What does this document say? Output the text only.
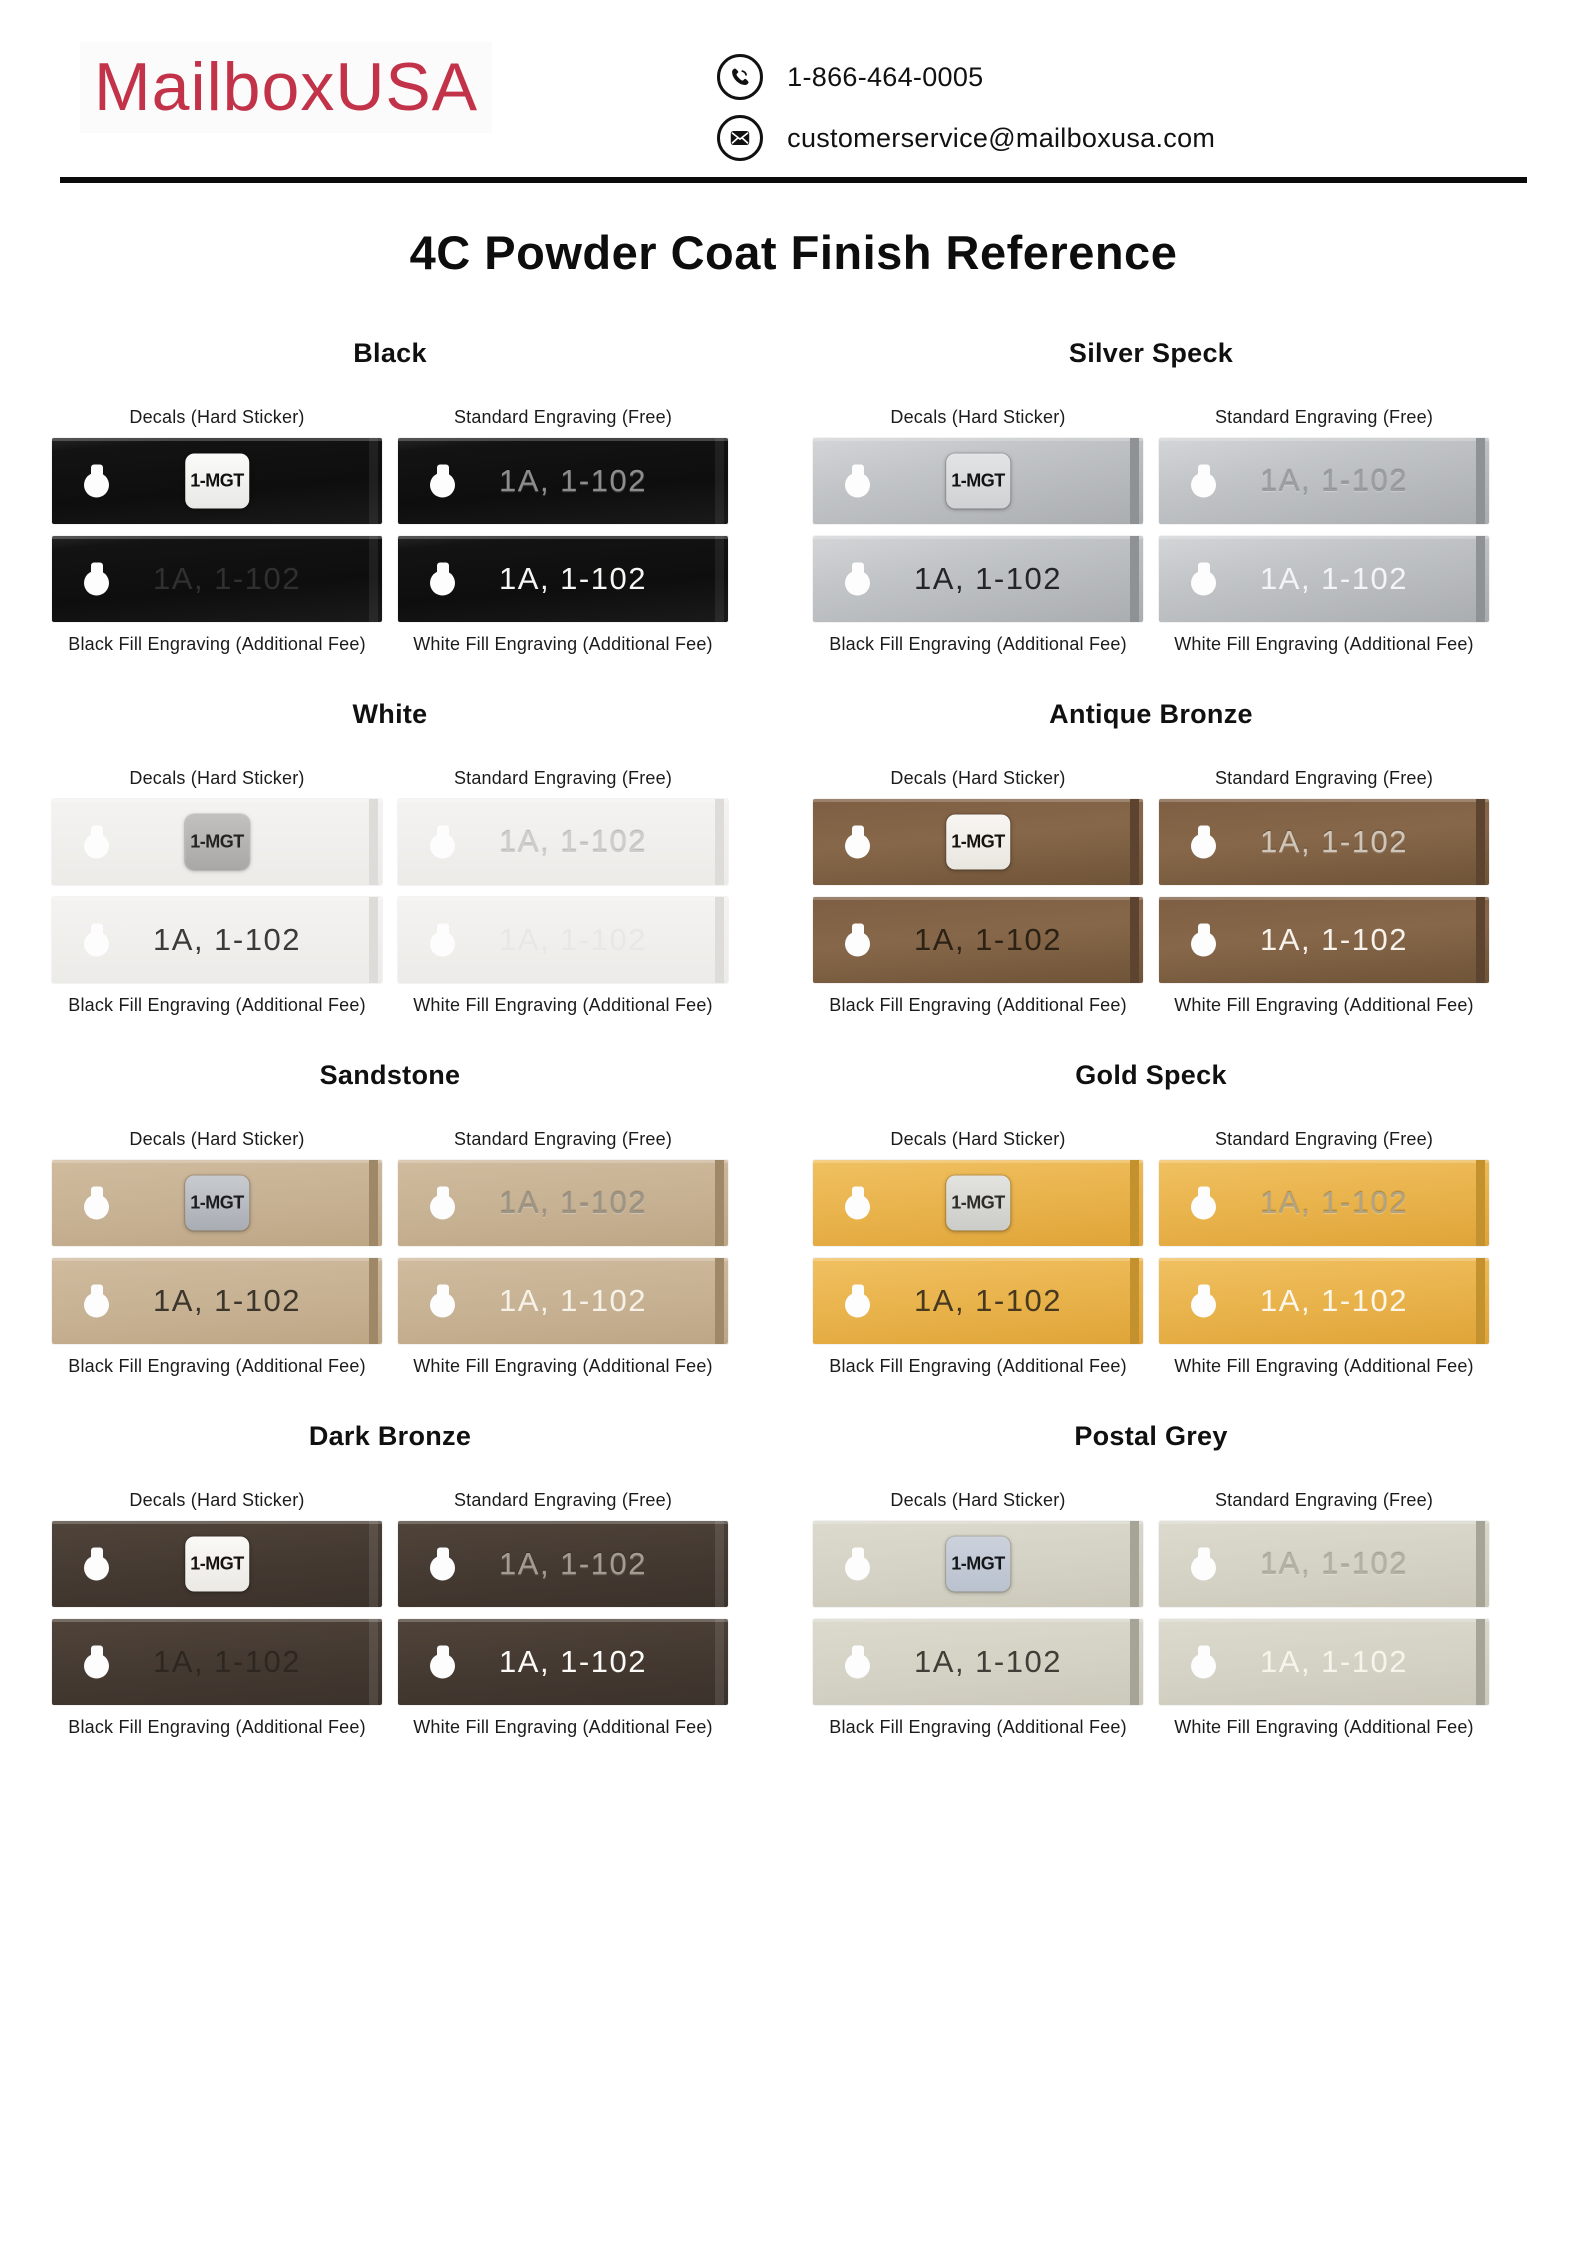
MailboxUSA	1-866-464-0005
customerservice@mailboxusa.com
4C Powder Coat Finish Reference
Black
Decals (Hard Sticker)
1-MGT
Standard Engraving (Free)
1A, 1-102
1A, 1-102
Black Fill Engraving (Additional Fee)
1A, 1-102
White Fill Engraving (Additional Fee)
Silver Speck
Decals (Hard Sticker)
1-MGT
Standard Engraving (Free)
1A, 1-102
1A, 1-102
Black Fill Engraving (Additional Fee)
1A, 1-102
White Fill Engraving (Additional Fee)
White
Decals (Hard Sticker)
1-MGT
Standard Engraving (Free)
1A, 1-102
1A, 1-102
Black Fill Engraving (Additional Fee)
1A, 1-102
White Fill Engraving (Additional Fee)
Antique Bronze
Decals (Hard Sticker)
1-MGT
Standard Engraving (Free)
1A, 1-102
1A, 1-102
Black Fill Engraving (Additional Fee)
1A, 1-102
White Fill Engraving (Additional Fee)
Sandstone
Decals (Hard Sticker)
1-MGT
Standard Engraving (Free)
1A, 1-102
1A, 1-102
Black Fill Engraving (Additional Fee)
1A, 1-102
White Fill Engraving (Additional Fee)
Gold Speck
Decals (Hard Sticker)
1-MGT
Standard Engraving (Free)
1A, 1-102
1A, 1-102
Black Fill Engraving (Additional Fee)
1A, 1-102
White Fill Engraving (Additional Fee)
Dark Bronze
Decals (Hard Sticker)
1-MGT
Standard Engraving (Free)
1A, 1-102
1A, 1-102
Black Fill Engraving (Additional Fee)
1A, 1-102
White Fill Engraving (Additional Fee)
Postal Grey
Decals (Hard Sticker)
1-MGT
Standard Engraving (Free)
1A, 1-102
1A, 1-102
Black Fill Engraving (Additional Fee)
1A, 1-102
White Fill Engraving (Additional Fee)
